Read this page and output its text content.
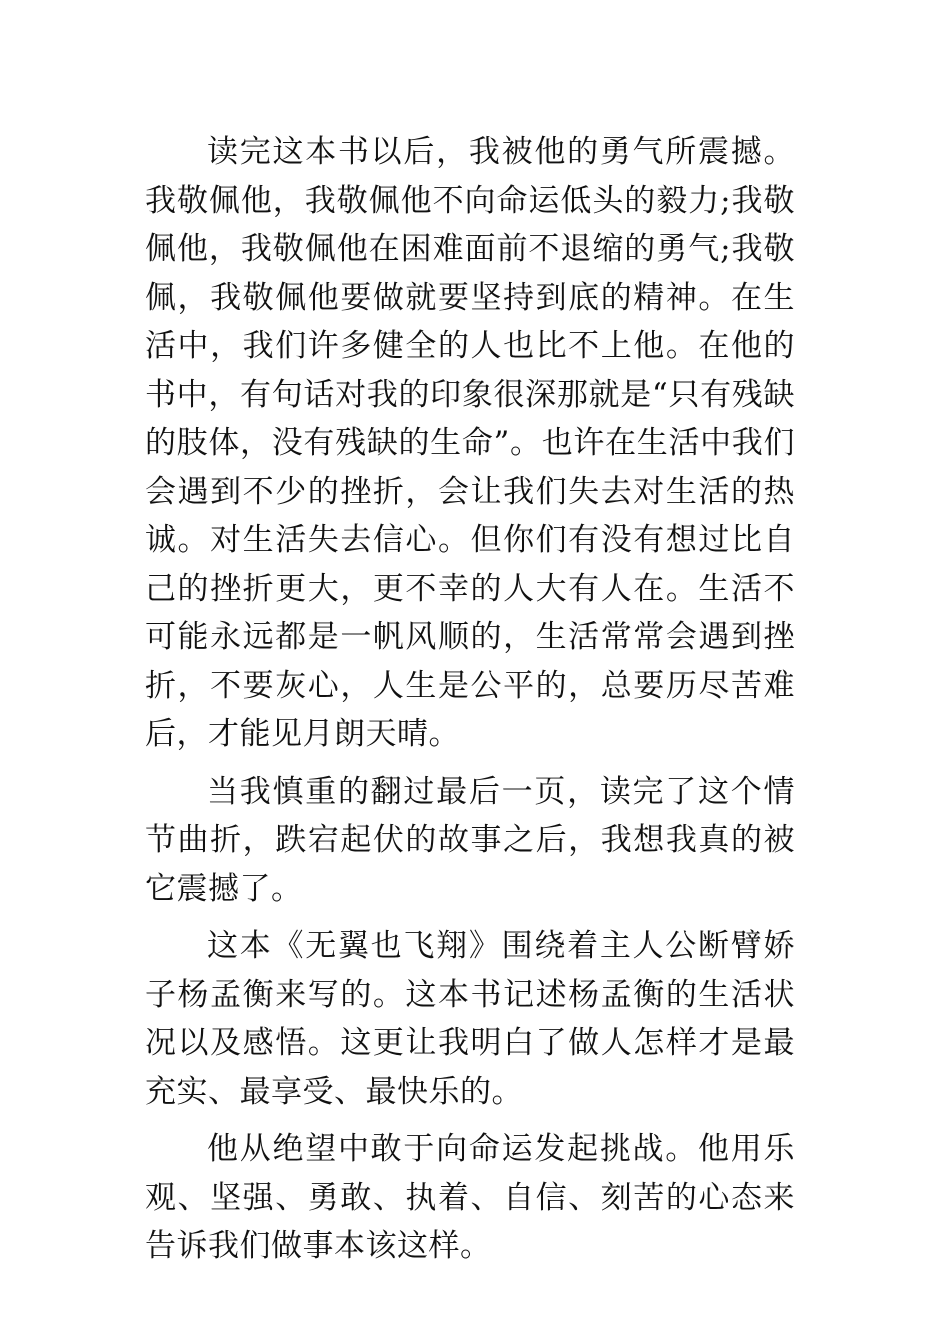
读完这本书以后，我被他的勇气所震撼。我敬佩他，我敬佩他不向命运低头的毅力;我敬佩他，我敬佩他在困难面前不退缩的勇气;我敬佩，我敬佩他要做就要坚持到底的精神。在生活中，我们许多健全的人也比不上他。在他的书中，有句话对我的印象很深那就是“只有残缺的肢体，没有残缺的生命”。也许在生活中我们会遇到不少的挫折，会让我们失去对生活的热诚。对生活失去信心。但你们有没有想过比自己的挫折更大，更不幸的人大有人在。生活不可能永远都是一帆风顺的，生活常常会遇到挫折，不要灰心，人生是公平的，总要历尽苦难后，才能见月朗天晴。

当我慎重的翻过最后一页，读完了这个情节曲折，跌宕起伏的故事之后，我想我真的被它震撼了。

这本《无翼也飞翔》围绕着主人公断臂娇子杨孟衡来写的。这本书记述杨孟衡的生活状况以及感悟。这更让我明白了做人怎样才是最充实、最享受、最快乐的。

他从绝望中敢于向命运发起挑战。他用乐观、坚强、勇敢、执着、自信、刻苦的心态来告诉我们做事本该这样。
